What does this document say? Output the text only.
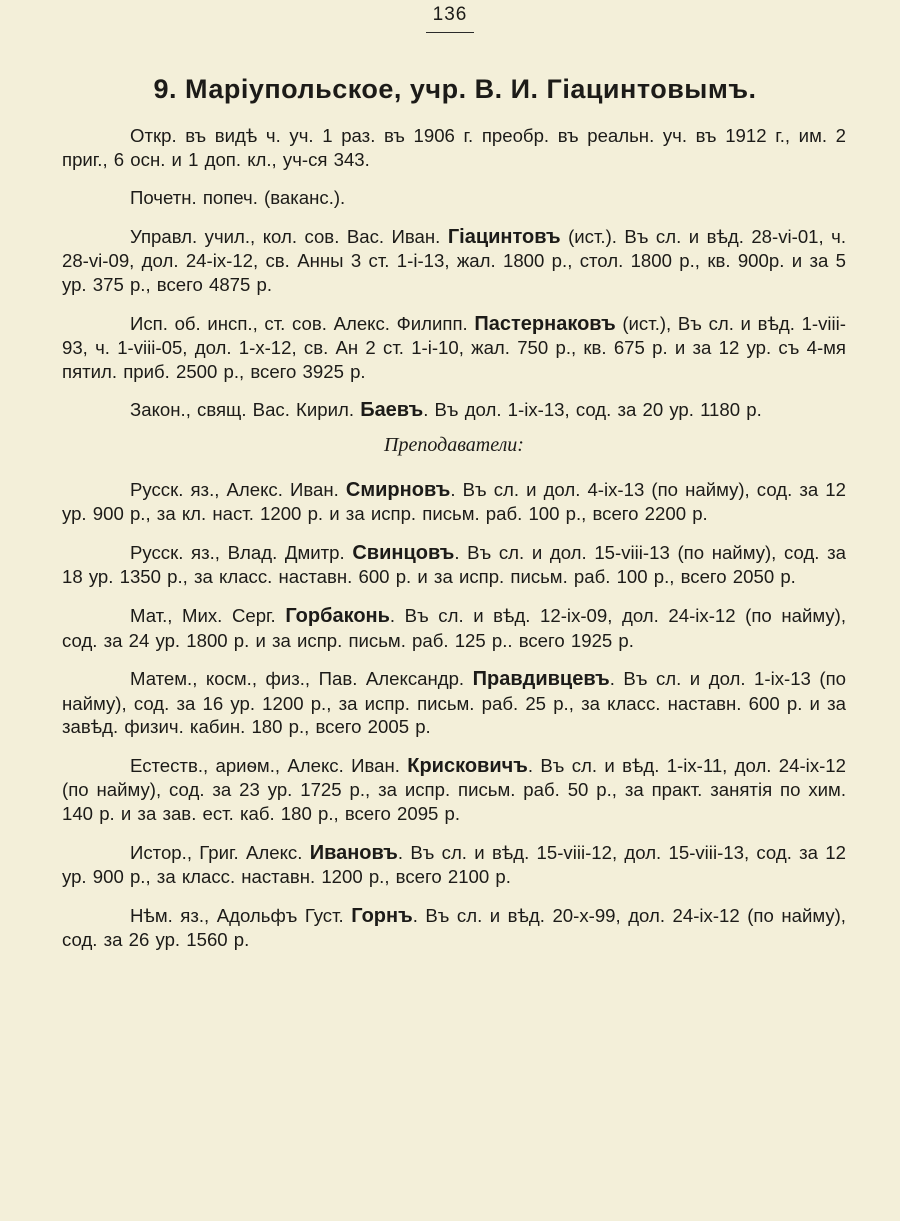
136
9. Маріупольское, учр. В. И. Гіацинтовымъ.

Откр. въ видѣ ч. уч. 1 раз. въ 1906 г. преобр. въ реальн. уч. въ 1912 г., им. 2 приг., 6 осн. и 1 доп. кл., уч-ся 343.

Почетн. попеч. (ваканс.).

Управл. учил., кол. сов. Вас. Иван. Гіацинтовъ (ист.). Въ сл. и вѣд. 28-vi-01, ч. 28-vi-09, дол. 24-ix-12, св. Анны 3 ст. 1-i-13, жал. 1800 р., стол. 1800 р., кв. 900р. и за 5 ур. 375 р., всего 4875 р.

Исп. об. инсп., ст. сов. Алекс. Филипп. Пастернаковъ (ист.), Въ сл. и вѣд. 1-viii-93, ч. 1-viii-05, дол. 1-x-12, св. Ан 2 ст. 1-i-10, жал. 750 р., кв. 675 р. и за 12 ур. съ 4-мя пятил. приб. 2500 р., всего 3925 р.

Закон., свящ. Вас. Кирил. Баевъ. Въ дол. 1-ix-13, сод. за 20 ур. 1180 р.

Преподаватели:

Русск. яз., Алекс. Иван. Смирновъ. Въ сл. и дол. 4-ix-13 (по найму), сод. за 12 ур. 900 р., за кл. наст. 1200 р. и за испр. письм. раб. 100 р., всего 2200 р.

Русск. яз., Влад. Дмитр. Свинцовъ. Въ сл. и дол. 15-viii-13 (по найму), сод. за 18 ур. 1350 р., за класс. наставн. 600 р. и за испр. письм. раб. 100 р., всего 2050 р.

Мат., Мих. Серг. Горбаконь. Въ сл. и вѣд. 12-ix-09, дол. 24-ix-12 (по найму), сод. за 24 ур. 1800 р. и за испр. письм. раб. 125 р.. всего 1925 р.

Матем., косм., физ., Пав. Александр. Правдивцевъ. Въ сл. и дол. 1-ix-13 (по найму), сод. за 16 ур. 1200 р., за испр. письм. раб. 25 р., за класс. наставн. 600 р. и за завѣд. физич. кабин. 180 р., всего 2005 р.

Естеств., ариѳм., Алекс. Иван. Крисковичъ. Въ сл. и вѣд. 1-ix-11, дол. 24-ix-12 (по найму), сод. за 23 ур. 1725 р., за испр. письм. раб. 50 р., за практ. занятія по хим. 140 р. и за зав. ест. каб. 180 р., всего 2095 р.

Истор., Григ. Алекс. Ивановъ. Въ сл. и вѣд. 15-viii-12, дол. 15-viii-13, сод. за 12 ур. 900 р., за класс. наставн. 1200 р., всего 2100 р.

Нѣм. яз., Адольфъ Густ. Горнъ. Въ сл. и вѣд. 20-x-99, дол. 24-ix-12 (по найму), сод. за 26 ур. 1560 р.
